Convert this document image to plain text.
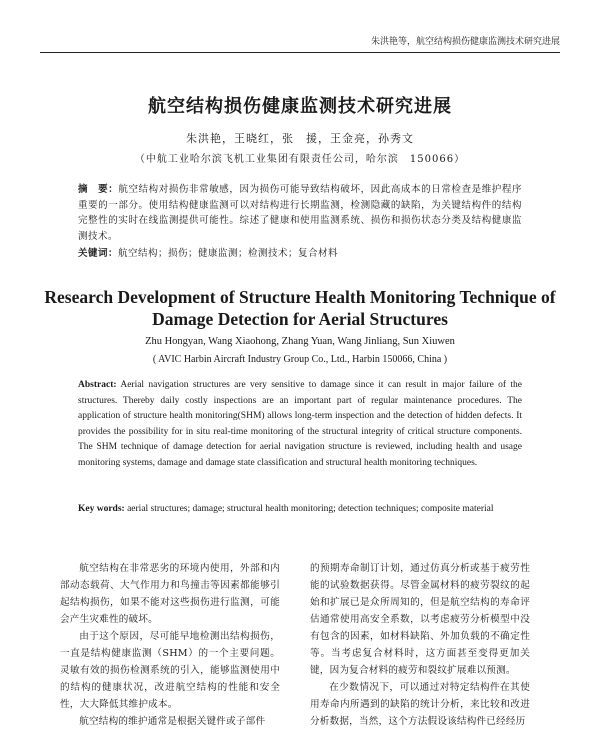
朱洪艳等，航空结构损伤健康监测技术研究进展
航空结构损伤健康监测技术研究进展
朱洪艳，王晓红，张　援，王金亮，孙秀文
（中航工业哈尔滨飞机工业集团有限责任公司，哈尔滨　150066）
摘　要：航空结构对损伤非常敏感，因为损伤可能导致结构破坏，因此高成本的日常检查是维护程序重要的一部分。使用结构健康监测可以对结构进行长期监测，检测隐藏的缺陷，为关键结构件的结构完整性的实时在线监测提供可能性。综述了健康和使用监测系统、损伤和损伤状态分类及结构健康监测技术。
关键词：航空结构；损伤；健康监测；检测技术；复合材料
Research Development of Structure Health Monitoring Technique of Damage Detection for Aerial Structures
Zhu Hongyan, Wang Xiaohong, Zhang Yuan, Wang Jinliang, Sun Xiuwen
( AVIC Harbin Aircraft Industry Group Co., Ltd., Harbin 150066, China )
Abstract: Aerial navigation structures are very sensitive to damage since it can result in major failure of the structures. Thereby daily costly inspections are an important part of regular maintenance procedures. The application of structure health monitoring(SHM) allows long-term inspection and the detection of hidden defects. It provides the possibility for in situ real-time monitoring of the structural integrity of critical structure components. The SHM technique of damage detection for aerial navigation structure is reviewed, including health and usage monitoring systems, damage and damage state classification and structural health monitoring techniques.
Key words: aerial structures; damage; structural health monitoring; detection techniques; composite material

航空结构在非常恶劣的环境内使用，外部和内部动态载荷、大气作用力和鸟撞击等因素都能够引起结构损伤，如果不能对这些损伤进行监测，可能会产生灾难性的破坏。

由于这个原因，尽可能早地检测出结构损伤，一直是结构健康监测（SHM）的一个主要问题。灵敏有效的损伤检测系统的引入，能够监测使用中的结构的健康状况，改进航空结构的性能和安全性，大大降低其维护成本。

航空结构的维护通常是根据关键件或子部件

的预期寿命制订计划，通过仿真分析或基于疲劳性能的试验数据获得。尽管金属材料的疲劳裂纹的起始和扩展已是众所周知的，但是航空结构的寿命评估通常使用高安全系数，以考虑疲劳分析模型中没有包含的因素，如材料缺陷、外加负载的不确定性等。当考虑复合材料时，这方面甚至变得更加关键，因为复合材料的疲劳和裂纹扩展难以预测。

在少数情况下，可以通过对特定结构件在其使用寿命内所遇到的缺陷的统计分析，来比较和改进分析数据，当然，这个方法假设该结构件已经经历
